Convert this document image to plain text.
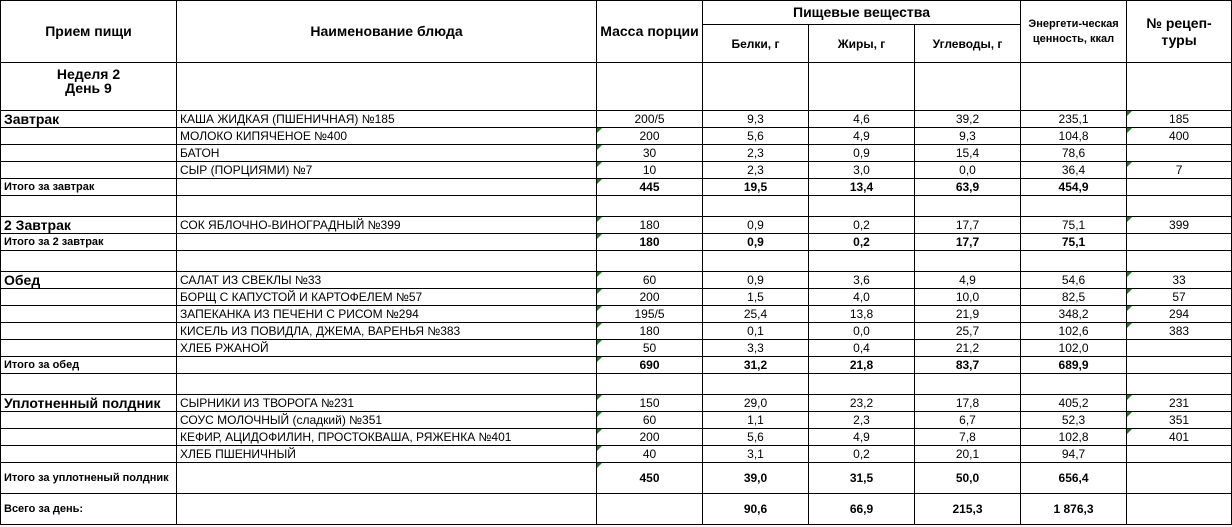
Прием пищи	Наименование блюда	Масса порции	Пищевые вещества			Энергети-ческая ценность, ккал	№ рецеп-туры
			Белки, г	Жиры, г	Углеводы, г		

Неделя 2
День 9							

Завтрак	КАША ЖИДКАЯ (ПШЕНИЧНАЯ) №185	200/5	9,3	4,6	39,2	235,1	185
	МОЛОКО КИПЯЧЕНОЕ №400	200	5,6	4,9	9,3	104,8	400
	БАТОН	30	2,3	0,9	15,4	78,6	
	СЫР (ПОРЦИЯМИ) №7	10	2,3	3,0	0,0	36,4	7
Итого за завтрак		445	19,5	13,4	63,9	454,9	

2 Завтрак	СОК ЯБЛОЧНО-ВИНОГРАДНЫЙ №399	180	0,9	0,2	17,7	75,1	399
Итого за 2 завтрак		180	0,9	0,2	17,7	75,1	

Обед	САЛАТ ИЗ СВЕКЛЫ №33	60	0,9	3,6	4,9	54,6	33
	БОРЩ С КАПУСТОЙ И КАРТОФЕЛЕМ №57	200	1,5	4,0	10,0	82,5	57
	ЗАПЕКАНКА ИЗ ПЕЧЕНИ С РИСОМ №294	195/5	25,4	13,8	21,9	348,2	294
	КИСЕЛЬ ИЗ ПОВИДЛА, ДЖЕМА, ВАРЕНЬЯ №383	180	0,1	0,0	25,7	102,6	383
	ХЛЕБ РЖАНОЙ	50	3,3	0,4	21,2	102,0	
Итого за обед		690	31,2	21,8	83,7	689,9	

Уплотненный полдник	СЫРНИКИ ИЗ ТВОРОГА №231	150	29,0	23,2	17,8	405,2	231
	СОУС МОЛОЧНЫЙ (сладкий) №351	60	1,1	2,3	6,7	52,3	351
	КЕФИР, АЦИДОФИЛИН, ПРОСТОКВАША, РЯЖЕНКА №401	200	5,6	4,9	7,8	102,8	401
	ХЛЕБ ПШЕНИЧНЫЙ	40	3,1	0,2	20,1	94,7	
Итого за уплотненый полдник		450	39,0	31,5	50,0	656,4	
Всего за день:			90,6	66,9	215,3	1 876,3	
